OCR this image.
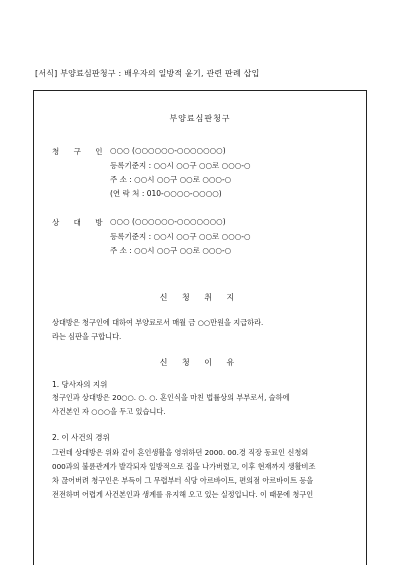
[서식] 부양료심판청구 : 배우자의 일방적 윤기, 관련 판례 삽입
부양료심판청구
청 구 인 ○○○ (○○○○○○-○○○○○○○)
등록기준지 : ○○시 ○○구 ○○로 ○○○-○
주 소 : ○○시 ○○구 ○○로 ○○○-○
(연 락 처 : 010-○○○○-○○○○)
상 대 방 ○○○ (○○○○○○-○○○○○○○)
등록기준지 : ○○시 ○○구 ○○로 ○○○-○
주 소 : ○○시 ○○구 ○○로 ○○○-○
신 청 취 지
상대방은 청구인에 대하여 부양료로서 매월 금 ○○만원을 지급하라.
라는 심판을 구합니다.
신 청 이 유
1. 당사자의 지위
청구인과 상대방은 20○○. ○. ○. 혼인식을 마친 법률상의 부부로서, 슬하에
사건본인 자 ○○○을 두고 있습니다.
2. 이 사건의 경위
그런데 상대방은 위와 같이 혼인생활을 영위하던 2000. 00.경 직장 동료인 신청외
000과의 불륜관계가 발각되자 일방적으로 집을 나가버렸고, 이후 현재까지 생활비조
차 끊어버려 청구인은 부득이 그 무렵부터 식당 아르바이트, 편의점 아르바이트 등을
전전하며 어렵게 사건본인과 생계를 유지해 오고 있는 실정입니다. 이 때문에 청구인
